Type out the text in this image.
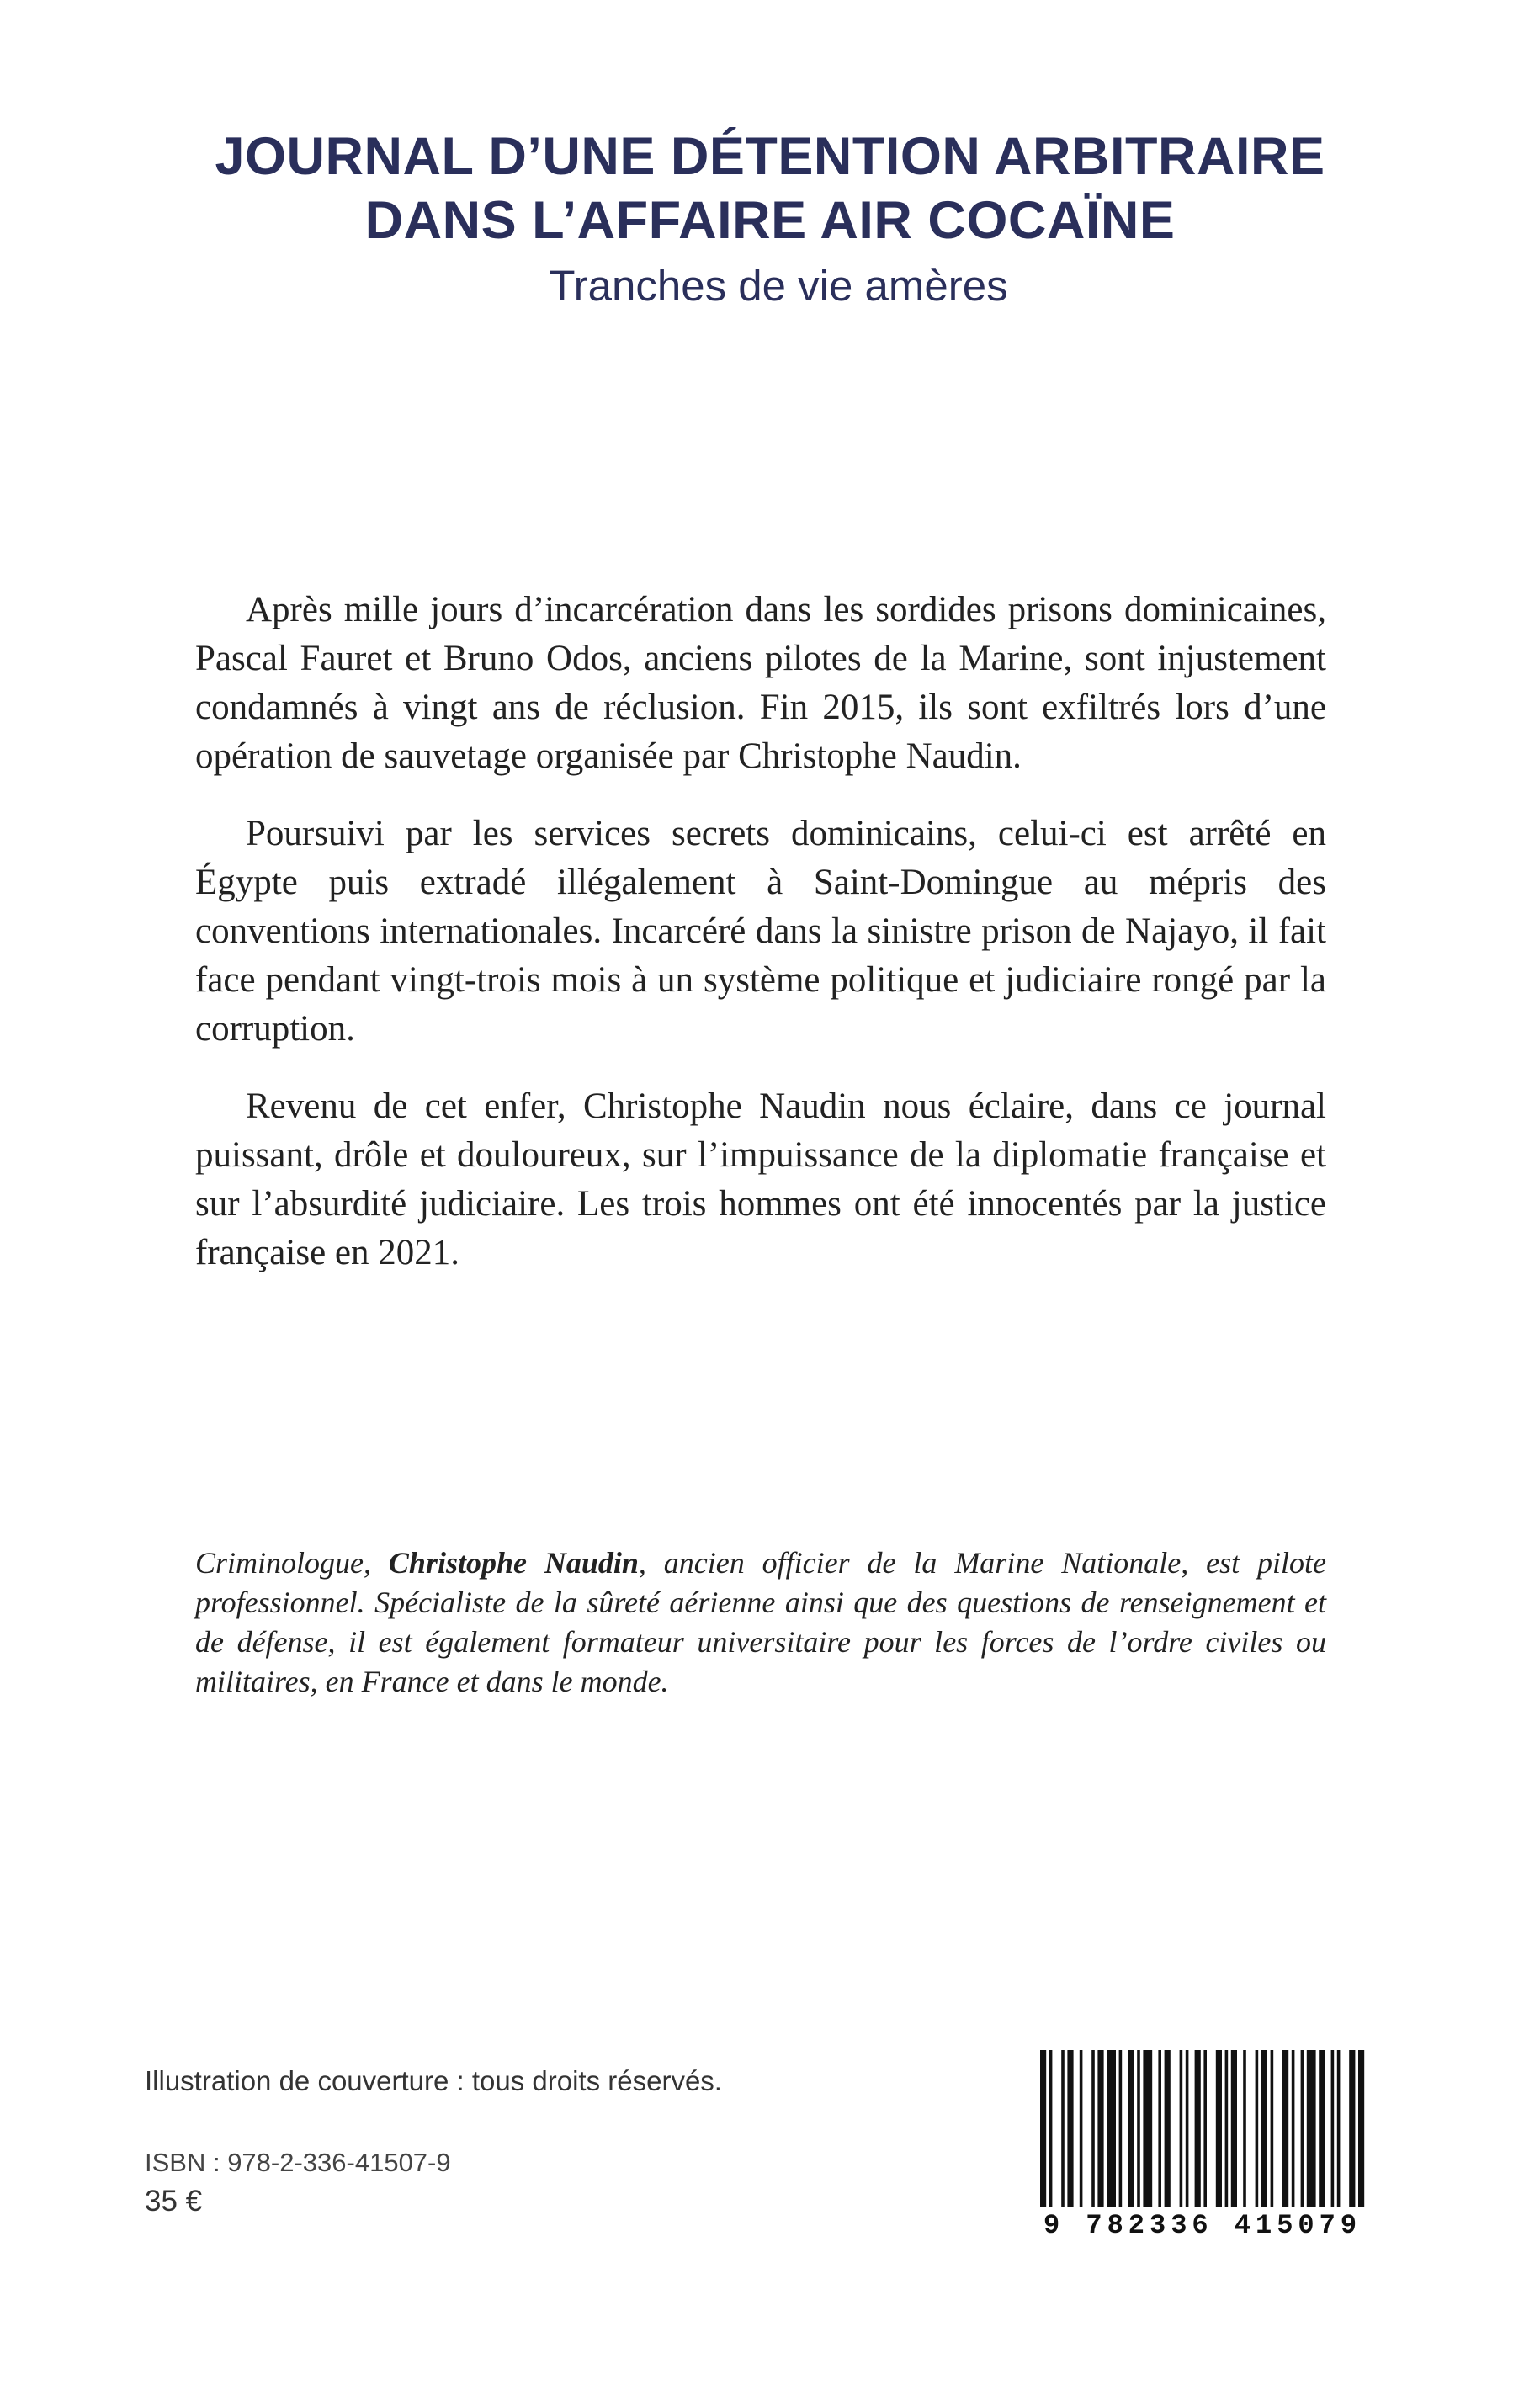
JOURNAL D’UNE DÉTENTION ARBITRAIRE
DANS L’AFFAIRE AIR COCAÏNE
Tranches de vie amères

Après mille jours d’incarcération dans les sordides prisons dominicaines, Pascal Fauret et Bruno Odos, anciens pilotes de la Marine, sont injustement condamnés à vingt ans de réclusion. Fin 2015, ils sont exfiltrés lors d’une opération de sauvetage organisée par Christophe Naudin.

Poursuivi par les services secrets dominicains, celui-ci est arrêté en Égypte puis extradé illégalement à Saint-Domingue au mépris des conventions internationales. Incarcéré dans la sinistre prison de Najayo, il fait face pendant vingt-trois mois à un système politique et judiciaire rongé par la corruption.

Revenu de cet enfer, Christophe Naudin nous éclaire, dans ce journal puissant, drôle et douloureux, sur l’impuissance de la diplomatie française et sur l’absurdité judiciaire. Les trois hommes ont été innocentés par la justice française en 2021.

Criminologue, Christophe Naudin, ancien officier de la Marine Nationale, est pilote professionnel. Spécialiste de la sûreté aérienne ainsi que des questions de renseignement et de défense, il est également formateur universitaire pour les forces de l’ordre civiles ou militaires, en France et dans le monde.
Illustration de couverture : tous droits réservés.
ISBN : 978-2-336-41507-9
35 €
9 782336 415079
